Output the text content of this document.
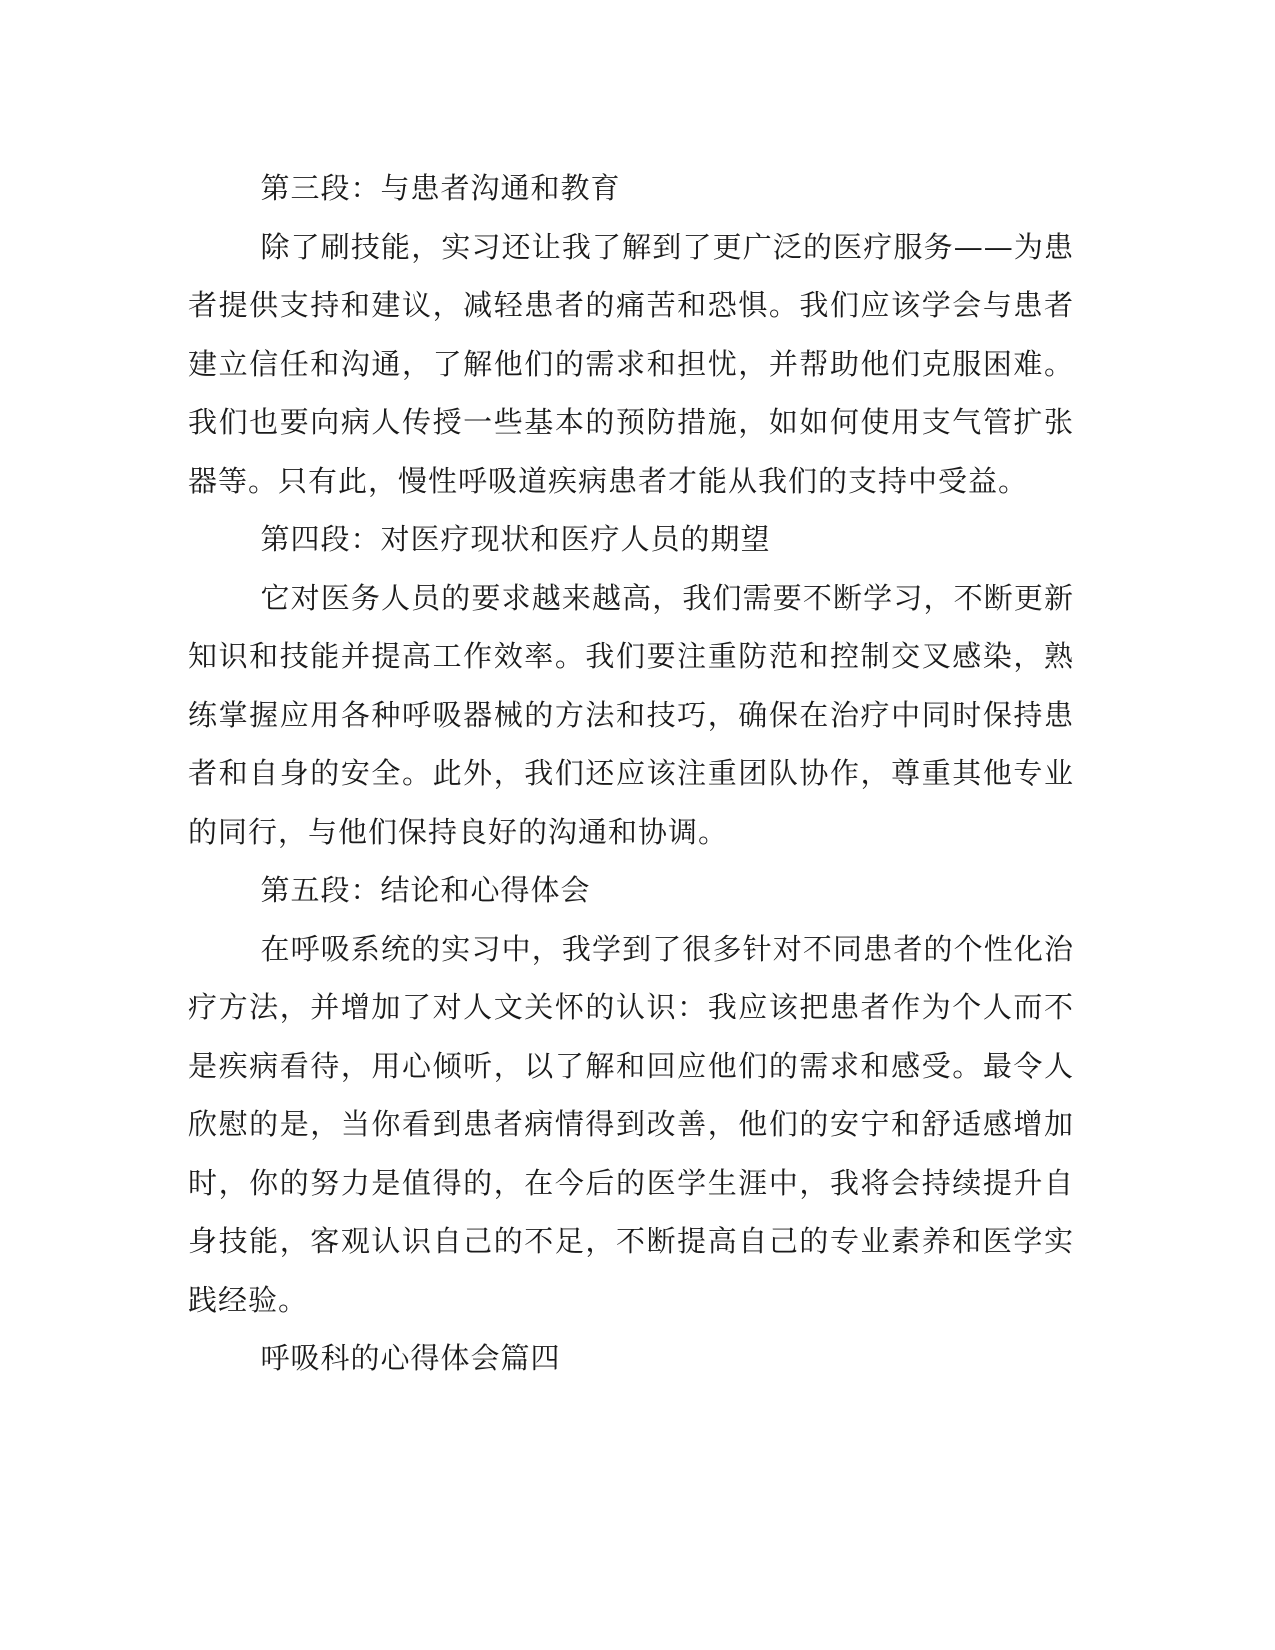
第三段：与患者沟通和教育

除了刷技能，实习还让我了解到了更广泛的医疗服务——为患者提供支持和建议，减轻患者的痛苦和恐惧。我们应该学会与患者建立信任和沟通，了解他们的需求和担忧，并帮助他们克服困难。我们也要向病人传授一些基本的预防措施，如如何使用支气管扩张器等。只有此，慢性呼吸道疾病患者才能从我们的支持中受益。

第四段：对医疗现状和医疗人员的期望

它对医务人员的要求越来越高，我们需要不断学习，不断更新知识和技能并提高工作效率。我们要注重防范和控制交叉感染，熟练掌握应用各种呼吸器械的方法和技巧，确保在治疗中同时保持患者和自身的安全。此外，我们还应该注重团队协作，尊重其他专业的同行，与他们保持良好的沟通和协调。

第五段：结论和心得体会

在呼吸系统的实习中，我学到了很多针对不同患者的个性化治疗方法，并增加了对人文关怀的认识：我应该把患者作为个人而不是疾病看待，用心倾听，以了解和回应他们的需求和感受。最令人欣慰的是，当你看到患者病情得到改善，他们的安宁和舒适感增加时，你的努力是值得的，在今后的医学生涯中，我将会持续提升自身技能，客观认识自己的不足，不断提高自己的专业素养和医学实践经验。

呼吸科的心得体会篇四
